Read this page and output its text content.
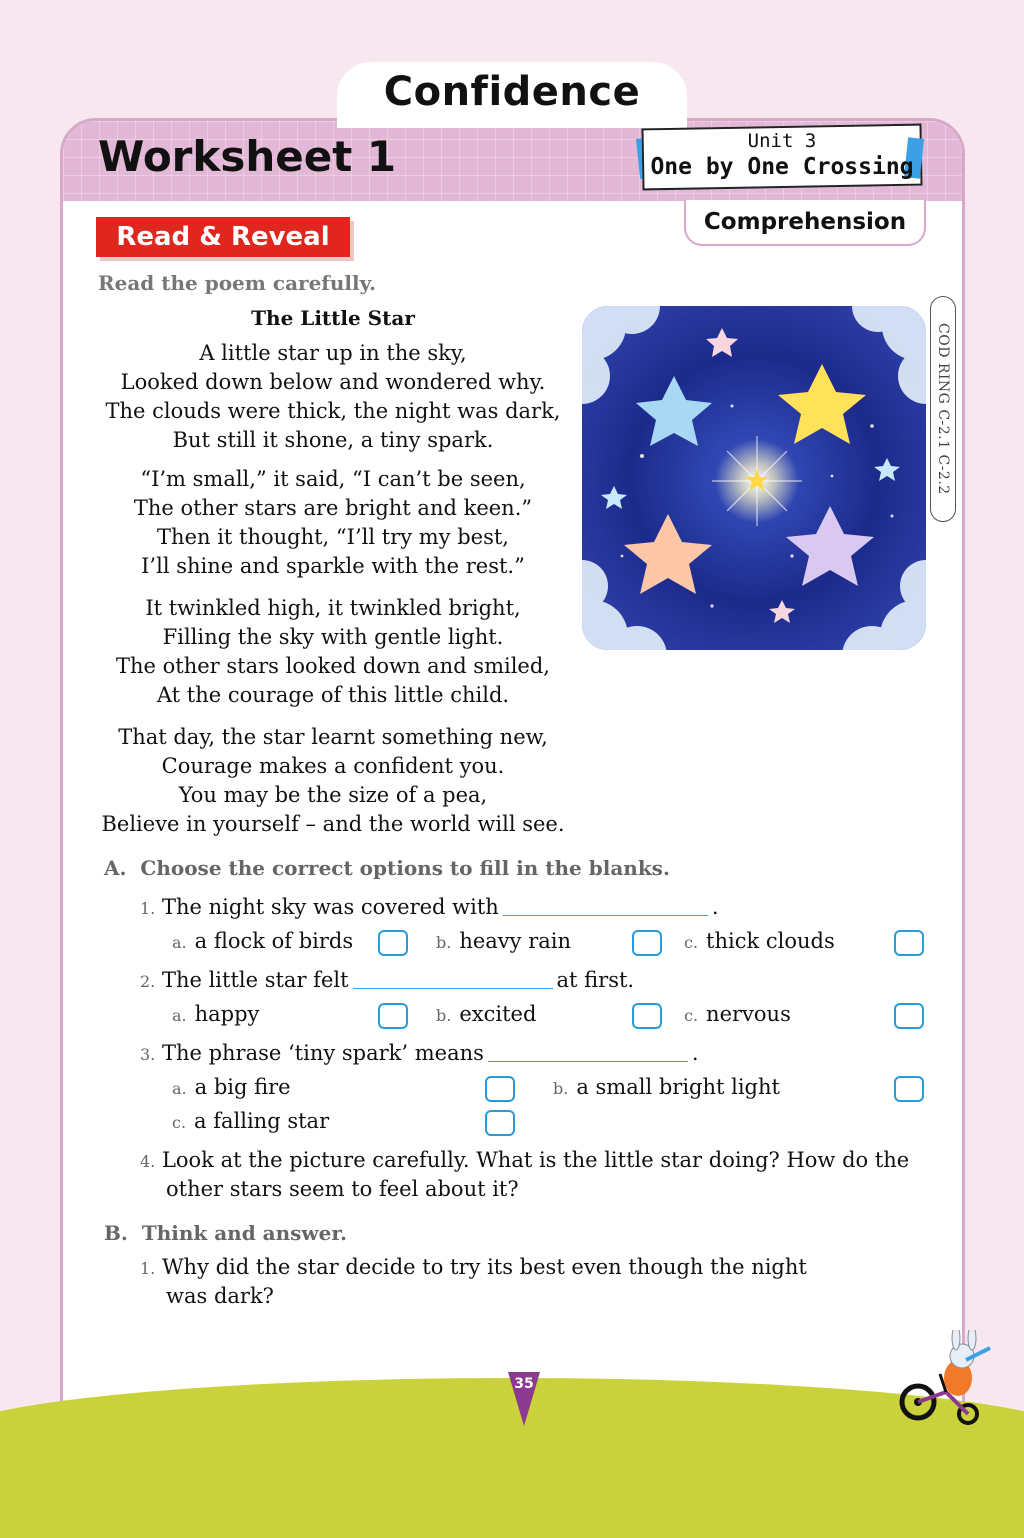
Confidence
Worksheet 1	Unit 3
One by One Crossing
Comprehension
Read & Reveal
Read the poem carefully.
The Little Star
A little star up in the sky,
Looked down below and wondered why.
The clouds were thick, the night was dark,
But still it shone, a tiny spark.
“I’m small,” it said, “I can’t be seen,
The other stars are bright and keen.”
Then it thought, “I’ll try my best,
I’ll shine and sparkle with the rest.”
It twinkled high, it twinkled bright,
Filling the sky with gentle light.
The other stars looked down and smiled,
At the courage of this little child.
That day, the star learnt something new,
Courage makes a confident you.
You may be the size of a pea,
Believe in yourself – and the world will see.
COD RING C-2.1 C-2.2
A. Choose the correct options to fill in the blanks.
1. The night sky was covered with	.
a. a flock of birds	b. heavy rain	c. thick clouds
2. The little star felt	at first.
a. happy	b. excited	c. nervous
3. The phrase ‘tiny spark’ means	.
a. a big fire	b. a small bright light
c. a falling star
4. Look at the picture carefully. What is the little star doing? How do the
other stars seem to feel about it?
B. Think and answer.
1. Why did the star decide to try its best even though the night
was dark?
35
